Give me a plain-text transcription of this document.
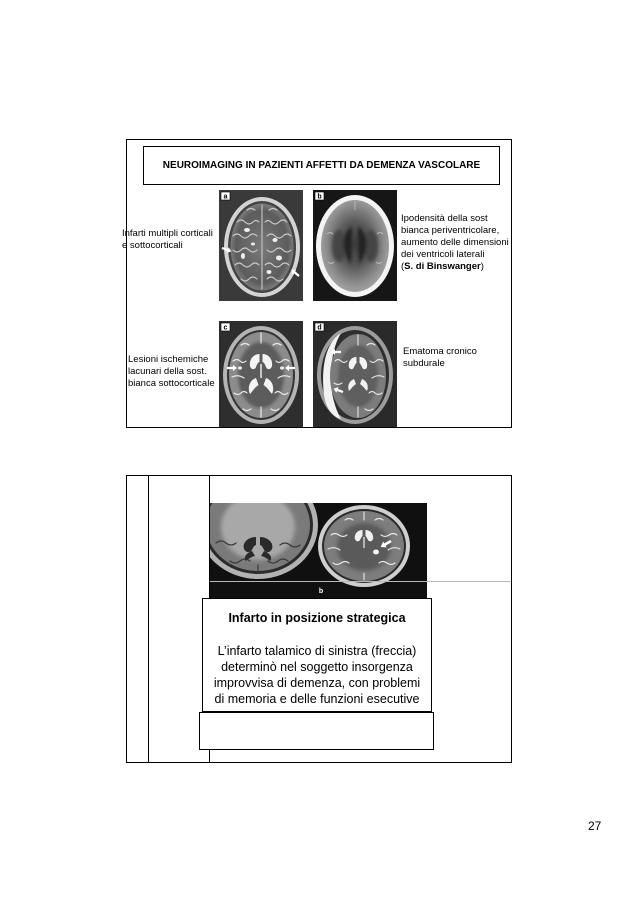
NEUROIMAGING IN PAZIENTI AFFETTI DA DEMENZA VASCOLARE
a	b
c	d
Infarti multipli corticali
e sottocorticali
Ipodensità della sost
bianca periventricolare,
aumento delle dimensioni
dei ventricoli laterali
(S. di Binswanger)
Lesioni ischemiche
lacunari della sost.
bianca sottocorticale
Ematoma cronico
subdurale
b
Infarto in posizione strategica
L’infarto talamico di sinistra (freccia)
determinò nel soggetto insorgenza
improvvisa di demenza, con problemi
di memoria e delle funzioni esecutive
27
